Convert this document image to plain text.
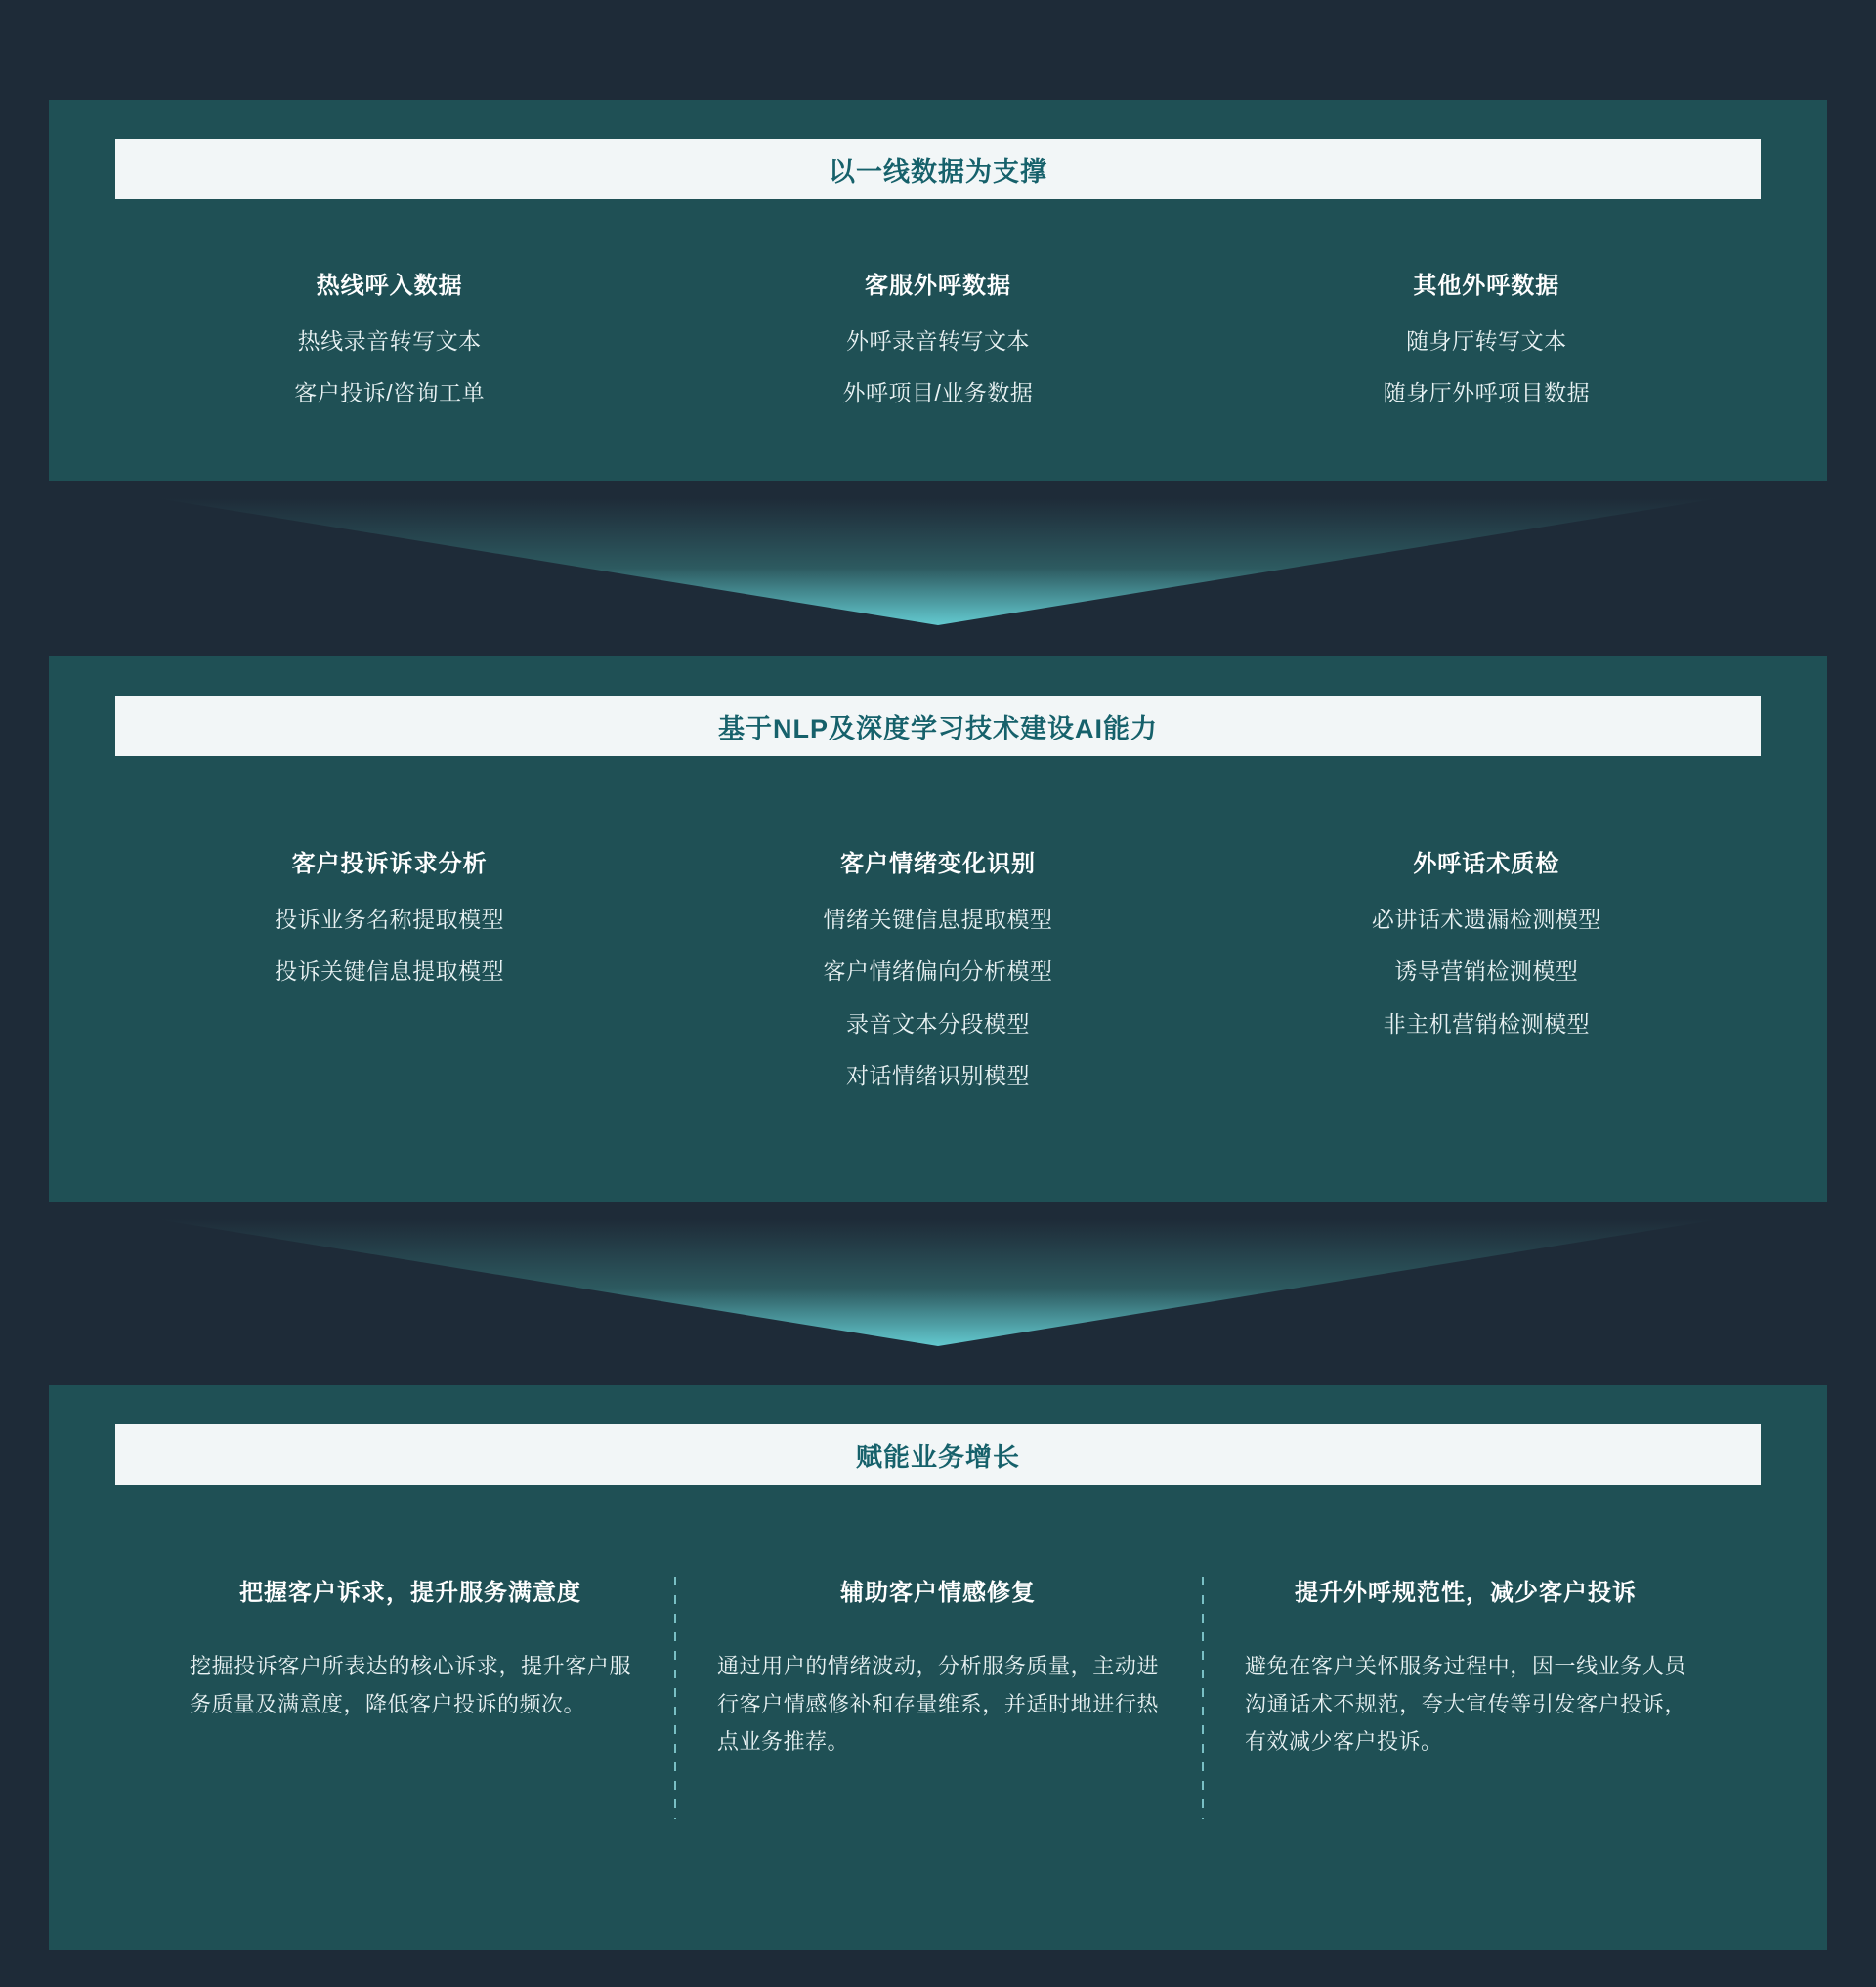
以一线数据为支撑
热线呼入数据
热线录音转写文本
客户投诉/咨询工单
客服外呼数据
外呼录音转写文本
外呼项目/业务数据
其他外呼数据
随身厅转写文本
随身厅外呼项目数据
基于NLP及深度学习技术建设AI能力
客户投诉诉求分析
投诉业务名称提取模型
投诉关键信息提取模型
客户情绪变化识别
情绪关键信息提取模型
客户情绪偏向分析模型
录音文本分段模型
对话情绪识别模型
外呼话术质检
必讲话术遗漏检测模型
诱导营销检测模型
非主机营销检测模型
赋能业务增长
把握客户诉求，提升服务满意度
挖掘投诉客户所表达的核心诉求，提升客户服务质量及满意度，降低客户投诉的频次。
辅助客户情感修复
通过用户的情绪波动，分析服务质量，主动进行客户情感修补和存量维系，并适时地进行热点业务推荐。
提升外呼规范性，减少客户投诉
避免在客户关怀服务过程中，因一线业务人员沟通话术不规范，夸大宣传等引发客户投诉，有效减少客户投诉。
